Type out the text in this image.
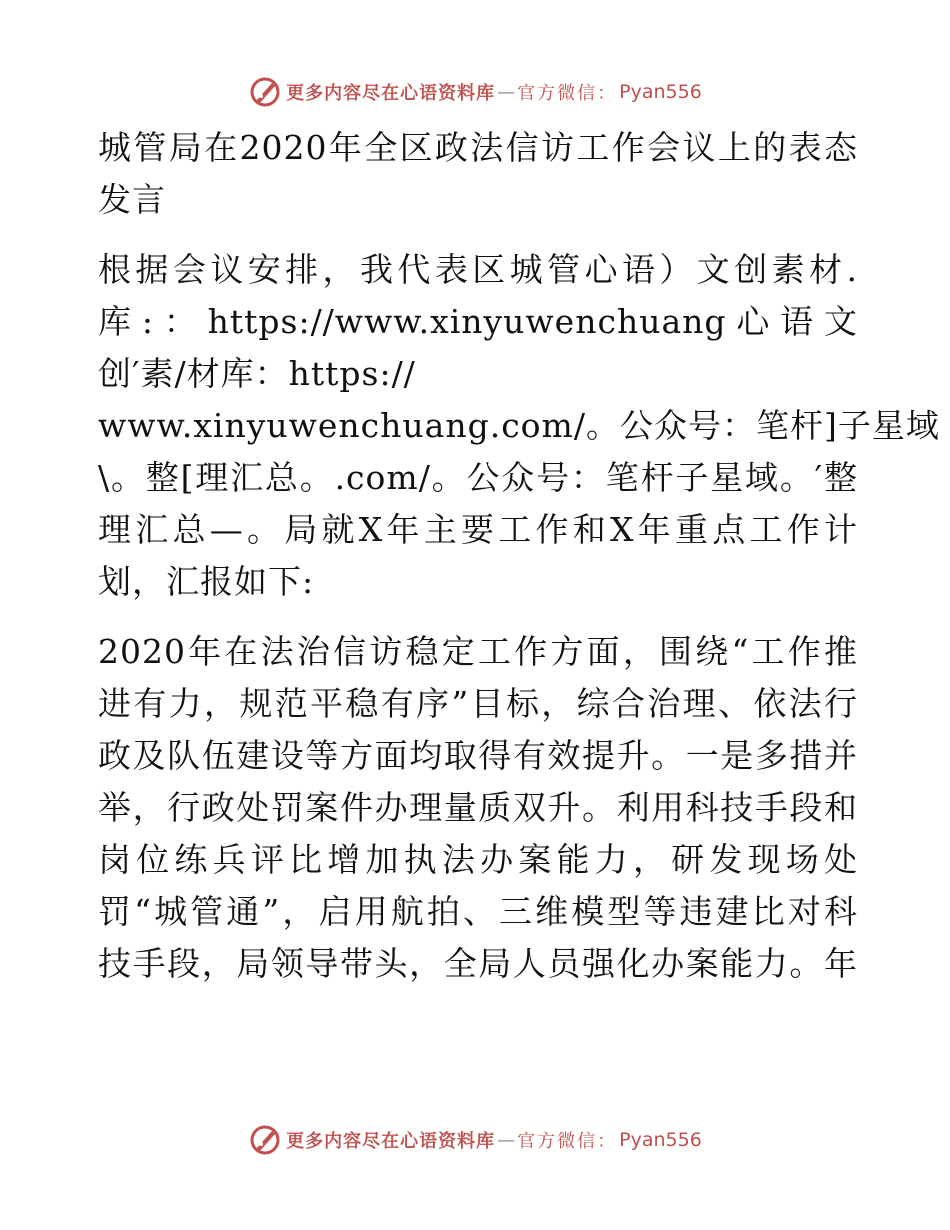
更多内容尽在心语资料库 — 官方微信： Pyan556
城管局在2020年全区政法信访工作会议上的表态
发言
根据会议安排，我代表区城管心语）文创素材.
库:：https://www.xinyuwenchuang心语文
创′素/材库：https://
www.xinyuwenchuang.com/。公众号：笔杆]子星域
\。整[理汇总。.com/。公众号：笔杆子星域。′整
理汇总—。局就X年主要工作和X年重点工作计
划，汇报如下:
2020年在法治信访稳定工作方面，围绕“工作推
进有力，规范平稳有序”目标，综合治理、依法行
政及队伍建设等方面均取得有效提升。一是多措并
举，行政处罚案件办理量质双升。利用科技手段和
岗位练兵评比增加执法办案能力，研发现场处
罚“城管通”，启用航拍、三维模型等违建比对科
技手段，局领导带头，全局人员强化办案能力。年
更多内容尽在心语资料库 — 官方微信： Pyan556
